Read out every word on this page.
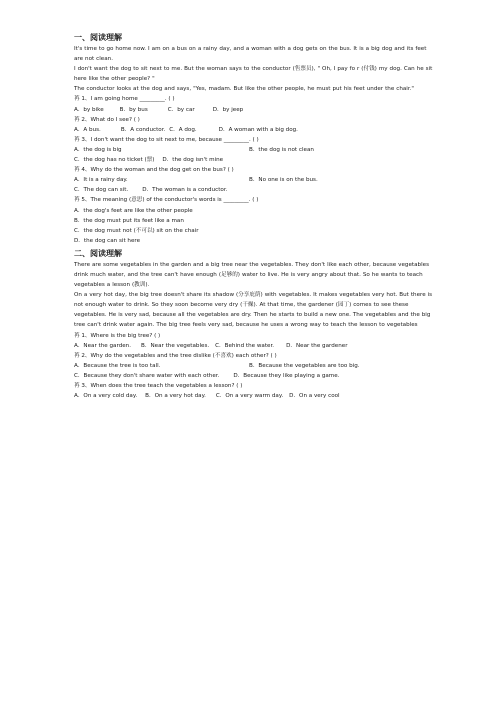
一、阅读理解

It's time to go home now. I am on a bus on a rainy day, and a woman with a dog gets on the bus. It is a big dog and its feet are not clean.

I don't want the dog to sit next to me. But the woman says to the conductor (售票员), " Oh, I pay fo r (付钱) my dog. Can he sit here like the other people? "

The conductor looks at the dog and says, "Yes, madam. But like the other people, he must put his feet under the chair."

苒 1、I am going home _________. ( )

A．by bike	B．by bus	C．by car	D．by jeep

苒 2、What do I see? ( )

A．A bus.	B．A conductor. C．A dog.	D．A woman with a big dog.

苒 3、I don't want the dog to sit next to me, because _________. ( )

A．the dog is big	B．the dog is not clean
C．the dog has no ticket (票) D．the dog isn't mine

苒 4、Why do the woman and the dog get on the bus? ( )

A．It is a rainy day.	B．No one is on the bus.
C．The dog can sit.	D．The woman is a conductor.

苒 5、The meaning (意思) of the conductor's words is _________. ( )

A．the dog's feet are like the other people

B．the dog must put its feet like a man

C．the dog must not (不可以) sit on the chair

D．the dog can sit here

二、阅读理解

There are some vegetables in the garden and a big tree near the vegetables. They don't like each other, because vegetables drink much water, and the tree can't have enough (足够的) water to live. He is very angry about that. So he wants to teach vegetables a lesson (教训).

On a very hot day, the big tree doesn't share its shadow (分享庇荫) with vegetables. It makes vegetables very hot. But there is not enough water to drink. So they soon become very dry (干燥). At that time, the gardener (园丁) comes to see these vegetables. He is very sad, because all the vegetables are dry. Then he starts to build a new one. The vegetables and the big tree can't drink water again. The big tree feels very sad, because he uses a wrong way to teach the lesson to vegetables

苒 1、Where is the big tree? ( )

A．Near the garden. B．Near the vegetables. C．Behind the water. D．Near the gardener

苒 2、Why do the vegetables and the tree dislike (不喜欢) each other? ( )

A．Because the tree is too tall.	B．Because the vegetables are too big.
C．Because they don't share water with each other.	D．Because they like playing a game.

苒 3、When does the tree teach the vegetables a lesson? ( )

A．On a very cold day. B．On a very hot day. C．On a very warm day. D．On a very cool
